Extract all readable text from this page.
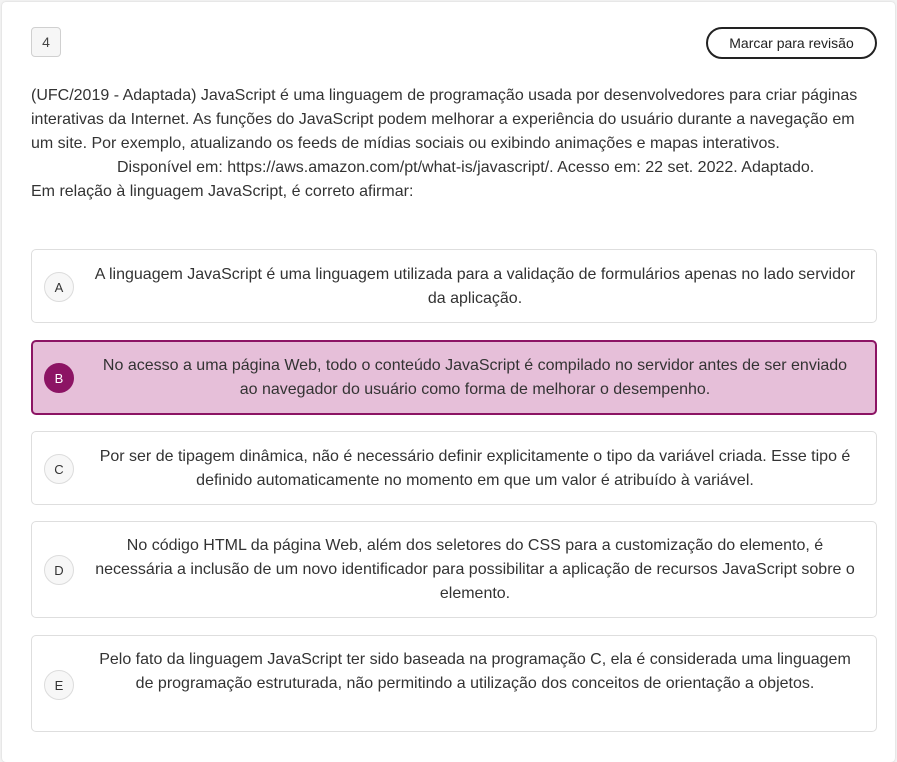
4	Marcar para revisão

(UFC/2019 - Adaptada) JavaScript é uma linguagem de programação usada por desenvolvedores para criar páginas interativas da Internet. As funções do JavaScript podem melhorar a experiência do usuário durante a navegação em um site. Por exemplo, atualizando os feeds de mídias sociais ou exibindo animações e mapas interativos.

Disponível em: https://aws.amazon.com/pt/what-is/javascript/. Acesso em: 22 set. 2022. Adaptado.

Em relação à linguagem JavaScript, é correto afirmar:

A
A linguagem JavaScript é uma linguagem utilizada para a validação de formulários apenas no lado servidor da aplicação.
B
No acesso a uma página Web, todo o conteúdo JavaScript é compilado no servidor antes de ser enviado ao navegador do usuário como forma de melhorar o desempenho.
C
Por ser de tipagem dinâmica, não é necessário definir explicitamente o tipo da variável criada. Esse tipo é definido automaticamente no momento em que um valor é atribuído à variável.
D
No código HTML da página Web, além dos seletores do CSS para a customização do elemento, é necessária a inclusão de um novo identificador para possibilitar a aplicação de recursos JavaScript sobre o elemento.
E
Pelo fato da linguagem JavaScript ter sido baseada na programação C, ela é considerada uma linguagem de programação estruturada, não permitindo a utilização dos conceitos de orientação a objetos.
